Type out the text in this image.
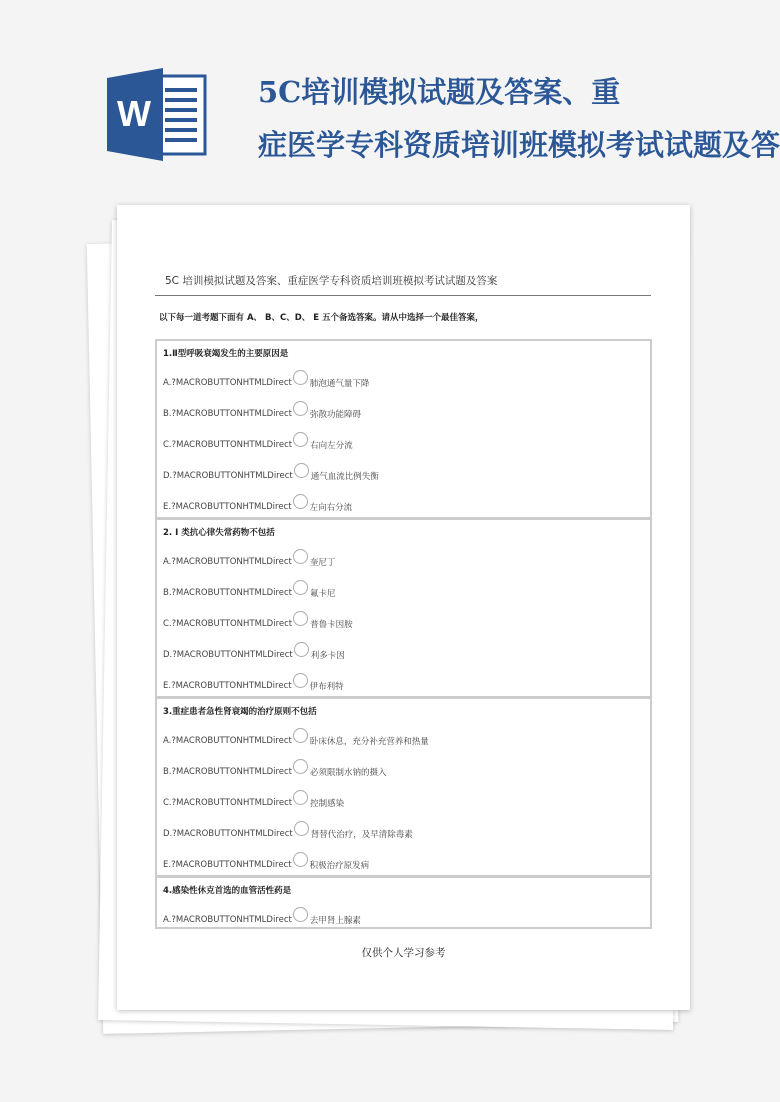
W
5C培训模拟试题及答案、重
症医学专科资质培训班模拟考试试题及答
5C 培训模拟试题及答案、重症医学专科资质培训班模拟考试试题及答案
以下每一道考题下面有 A、 B、C、D、 E 五个备选答案。请从中选择一个最佳答案，
1.Ⅱ型呼吸衰竭发生的主要原因是
A.?MACROBUTTONHTMLDirect 肺泡通气量下降
B.?MACROBUTTONHTMLDirect 弥散功能障碍
C.?MACROBUTTONHTMLDirect 右向左分流
D.?MACROBUTTONHTMLDirect 通气血流比例失衡
E.?MACROBUTTONHTMLDirect 左向右分流
2. I 类抗心律失常药物不包括
A.?MACROBUTTONHTMLDirect 奎尼丁
B.?MACROBUTTONHTMLDirect 氟卡尼
C.?MACROBUTTONHTMLDirect 普鲁卡因胺
D.?MACROBUTTONHTMLDirect 利多卡因
E.?MACROBUTTONHTMLDirect 伊布利特
3.重症患者急性肾衰竭的治疗原则不包括
A.?MACROBUTTONHTMLDirect 卧床休息，充分补充营养和热量
B.?MACROBUTTONHTMLDirect 必须限制水钠的摄入
C.?MACROBUTTONHTMLDirect 控制感染
D.?MACROBUTTONHTMLDirect 肾替代治疗，及早清除毒素
E.?MACROBUTTONHTMLDirect 积极治疗原发病
4.感染性休克首选的血管活性药是
A.?MACROBUTTONHTMLDirect 去甲肾上腺素
仅供个人学习参考
